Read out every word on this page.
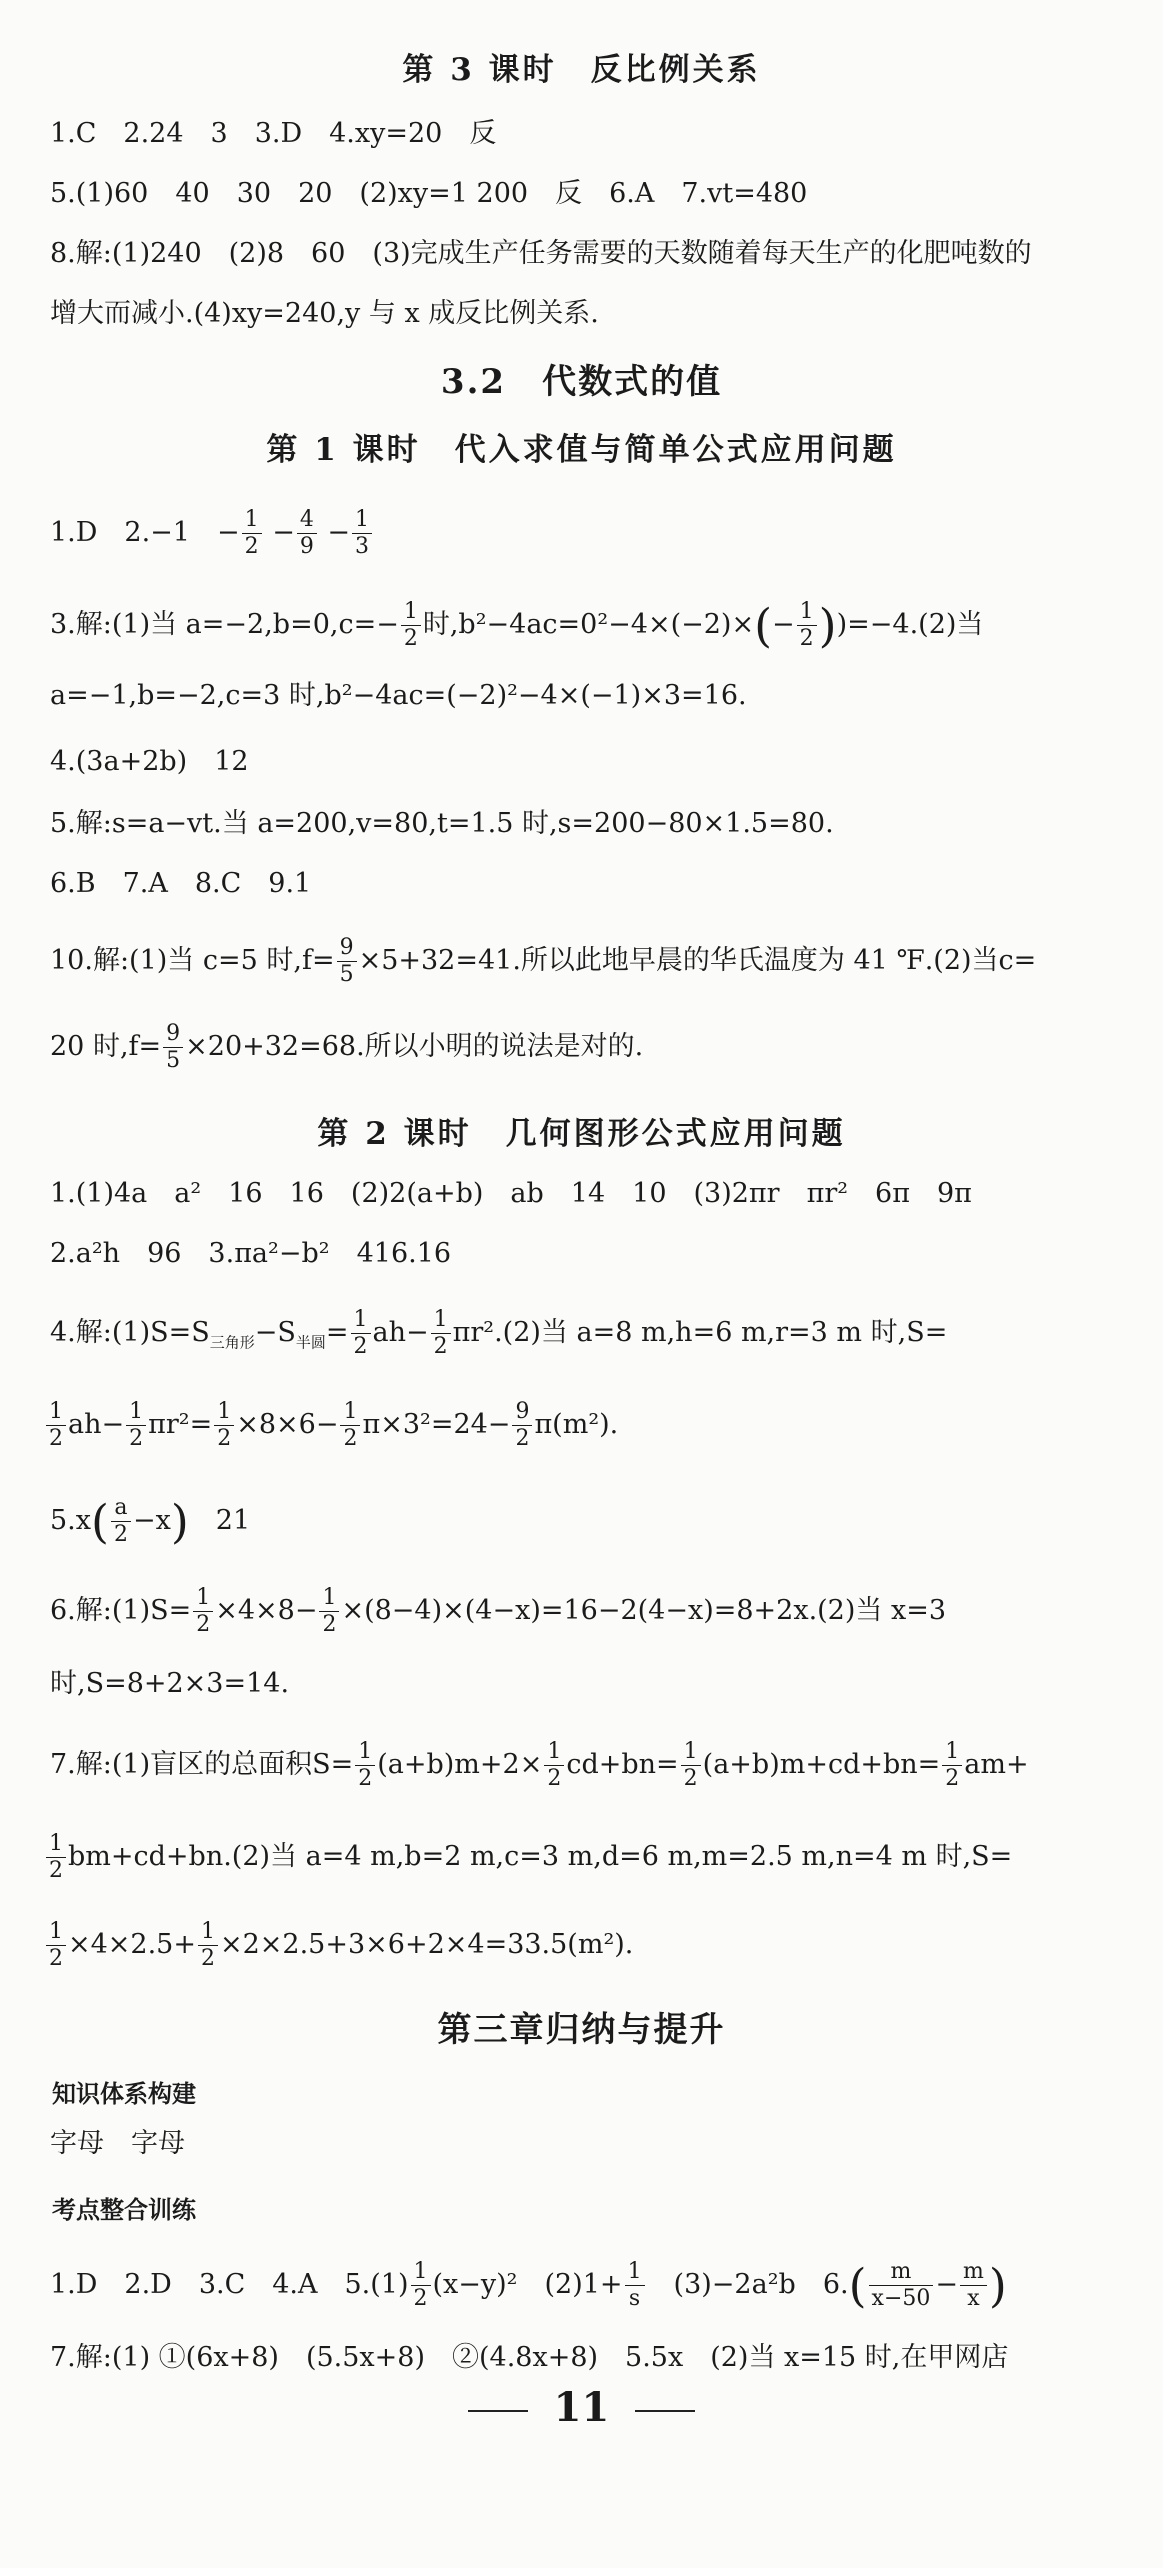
第 3 课时　反比例关系
1.C　2.24　3　3.D　4.xy=20　反
5.(1)60　40　30　20　(2)xy=1 200　反　6.A　7.vt=480
8.解:(1)240　(2)8　60　(3)完成生产任务需要的天数随着每天生产的化肥吨数的
增大而减小.(4)xy=240,y 与 x 成反比例关系.
3.2　代数式的值
第 1 课时　代入求值与简单公式应用问题
1.D　2.−1　− $\frac{1}{2} - \frac{4}{9} - \frac{1}{3}$
3.解:(1)当 $a=-2,b=0,c=- \frac{1}{2}$ 时$,b^2-4ac=0^2-4\times(-2)\times(- \frac{1}{2} ))=-4.(2)$当
a=−1,b=−2,c=3 时,b²−4ac=(−2)²−4×(−1)×3=16.
4.(3a+2b)　12
5.解:s=a−vt.当 a=200,v=80,t=1.5 时,s=200−80×1.5=80.
6.B　7.A　8.C　9.1
10.解:(1)当 c=5 时$,f= \frac{9}{5} \times 5+32=41$.所以此地早晨的华氏温度为 41 ℉.(2)当c=
20 时$,f= \frac{9}{5} \times 20+32=68$.所以小明的说法是对的.
第 2 课时　几何图形公式应用问题
1.(1)4a　a²　16　16　(2)2(a+b)　ab　14　10　(3)2πr　πr²　6π　9π
2.a²h　96　3.πa²−b²　416.16
4.解$:(1)S=S_{三角形}-S_{半圆}= \frac{1}{2} ah- \frac{1}{2} \pi r^2.(2)$当 a=8 m,h=6 m,r=3 m 时,S=
$\frac{1}{2} ah- \frac{1}{2} \pi r^2= \frac{1}{2} \times 8\times 6- \frac{1}{2} \pi\times 3^2=24- \frac{9}{2} \pi(m^2)$.
$5.x( \frac{a}{2} -x)$　21
6.解:(1)S= $\frac{1}{2} \times 4\times 8- \frac{1}{2} \times(8-4)\times(4-x)=16-2(4-x)=8+2x.(2)$当 x=3
时,S=8+2×3=14.
7.解:(1)盲区的总面积$S= \frac{1}{2} (a+b)m+2\times \frac{1}{2} cd+bn= \frac{1}{2} (a+b)m+cd+bn= \frac{1}{2} am+$
$\frac{1}{2} bm+cd+bn.(2)$当 a=4 m,b=2 m,c=3 m,d=6 m,m=2.5 m,n=4 m 时,S=
$\frac{1}{2} \times 4\times 2.5+ \frac{1}{2} \times 2\times 2.5+3\times 6+2\times 4=33.5(m^2)$.
第三章归纳与提升
知识体系构建
字母　字母
考点整合训练
1.D　2.D　3.C　4.A　$5.(1) \frac{1}{2} (x-y)^2$　$(2)1+ \frac{1}{s}$ 　(3)−2a²b　$6.( \frac{m}{x-50} - \frac{m}{x}$ )
7.解:(1) ①(6x+8)　(5.5x+8)　②(4.8x+8)　5.5x　(2)当 x=15 时,在甲网店
11
